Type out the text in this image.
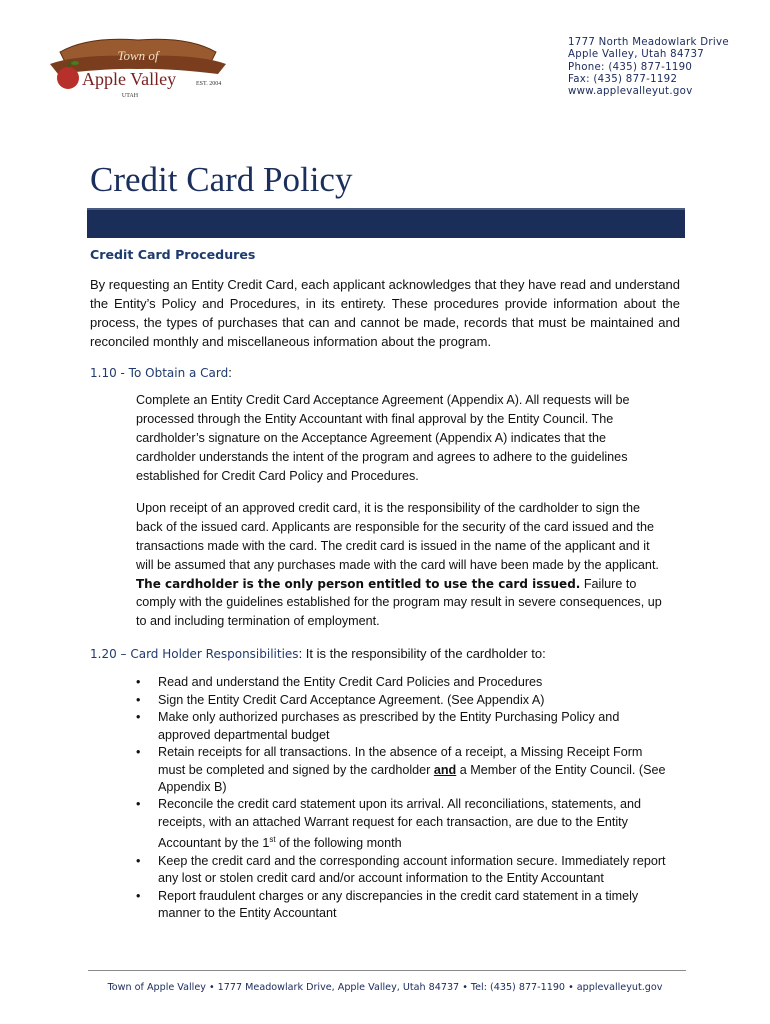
Town of
Apple Valley
UTAH
EST. 2004
1777 North Meadowlark Drive
Apple Valley, Utah 84737
Phone: (435) 877-1190
Fax: (435) 877-1192
www.applevalleyut.gov
Credit Card Policy
Credit Card Procedures

By requesting an Entity Credit Card, each applicant acknowledges that they have read and understand the Entity’s Policy and Procedures, in its entirety. These procedures provide information about the process, the types of purchases that can and cannot be made, records that must be maintained and reconciled monthly and miscellaneous information about the program.

1.10 - To Obtain a Card:

Complete an Entity Credit Card Acceptance Agreement (Appendix A). All requests will be processed through the Entity Accountant with final approval by the Entity Council. The cardholder’s signature on the Acceptance Agreement (Appendix A) indicates that the cardholder understands the intent of the program and agrees to adhere to the guidelines established for Credit Card Policy and Procedures.

Upon receipt of an approved credit card, it is the responsibility of the cardholder to sign the back of the issued card. Applicants are responsible for the security of the card issued and the transactions made with the card. The credit card is issued in the name of the applicant and it will be assumed that any purchases made with the card will have been made by the applicant. The cardholder is the only person entitled to use the card issued. Failure to comply with the guidelines established for the program may result in severe consequences, up to and including termination of employment.

1.20 – Card Holder Responsibilities: It is the responsibility of the cardholder to:
• Read and understand the Entity Credit Card Policies and Procedures
• Sign the Entity Credit Card Acceptance Agreement. (See Appendix A)
• Make only authorized purchases as prescribed by the Entity Purchasing Policy and approved departmental budget
• Retain receipts for all transactions. In the absence of a receipt, a Missing Receipt Form must be completed and signed by the cardholder and a Member of the Entity Council. (See Appendix B)
• Reconcile the credit card statement upon its arrival. All reconciliations, statements, and receipts, with an attached Warrant request for each transaction, are due to the Entity Accountant by the 1st of the following month
• Keep the credit card and the corresponding account information secure. Immediately report any lost or stolen credit card and/or account information to the Entity Accountant
• Report fraudulent charges or any discrepancies in the credit card statement in a timely manner to the Entity Accountant
Town of Apple Valley • 1777 Meadowlark Drive, Apple Valley, Utah 84737 • Tel: (435) 877-1190 • applevalleyut.gov
